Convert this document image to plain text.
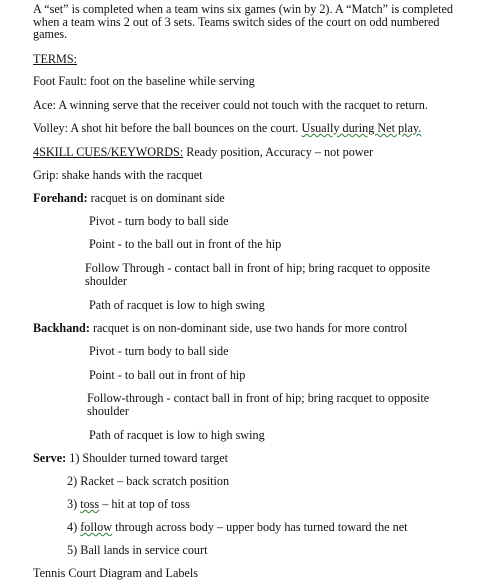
A “set” is completed when a team wins six games (win by 2). A “Match” is completed when a team wins 2 out of 3 sets. Teams switch sides of the court on odd numbered games.
TERMS:
Foot Fault: foot on the baseline while serving
Ace: A winning serve that the receiver could not touch with the racquet to return.
Volley: A shot hit before the ball bounces on the court. Usually during Net play.
4SKILL CUES/KEYWORDS: Ready position, Accuracy – not power
Grip: shake hands with the racquet
Forehand: racquet is on dominant side
Pivot - turn body to ball side
Point - to the ball out in front of the hip
Follow Through - contact ball in front of hip; bring racquet to opposite shoulder
Path of racquet is low to high swing
Backhand: racquet is on non-dominant side, use two hands for more control
Pivot - turn body to ball side
Point - to ball out in front of hip
Follow-through - contact ball in front of hip; bring racquet to opposite shoulder
Path of racquet is low to high swing
Serve: 1) Shoulder turned toward target
2) Racket – back scratch position
3) toss – hit at top of toss
4) follow through across body – upper body has turned toward the net
5) Ball lands in service court
Tennis Court Diagram and Labels
